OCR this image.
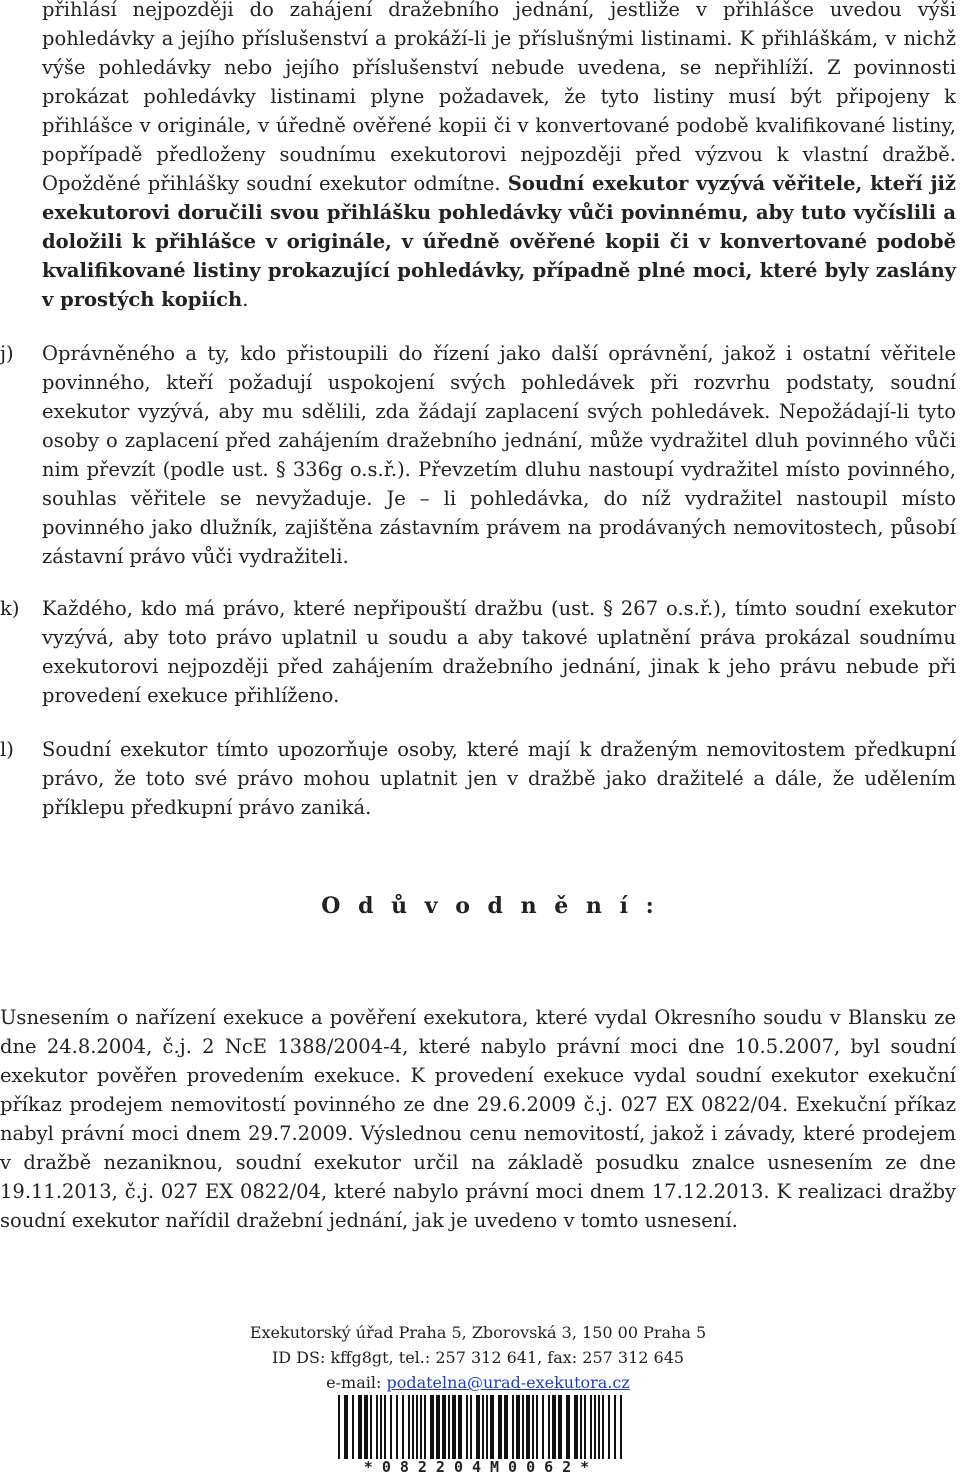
přihlásí nejpozději do zahájení dražebního jednání, jestliže v přihlášce uvedou výši pohledávky a jejího příslušenství a prokáží-li je příslušnými listinami. K přihláškám, v nichž výše pohledávky nebo jejího příslušenství nebude uvedena, se nepřihlíží. Z povinnosti prokázat pohledávky listinami plyne požadavek, že tyto listiny musí být připojeny k přihlášce v originále, v úředně ověřené kopii či v konvertované podobě kvalifikované listiny, popřípadě předloženy soudnímu exekutorovi nejpozději před výzvou k vlastní dražbě. Opožděné přihlášky soudní exekutor odmítne. Soudní exekutor vyzývá věřitele, kteří již exekutorovi doručili svou přihlášku pohledávky vůči povinnému, aby tuto vyčíslili a doložili k přihlášce v originále, v úředně ověřené kopii či v konvertované podobě kvalifikované listiny prokazující pohledávky, případně plné moci, které byly zaslány v prostých kopiích.

j) Oprávněného a ty, kdo přistoupili do řízení jako další oprávnění, jakož i ostatní věřitele povinného, kteří požadují uspokojení svých pohledávek při rozvrhu podstaty, soudní exekutor vyzývá, aby mu sdělili, zda žádají zaplacení svých pohledávek. Nepožádají-li tyto osoby o zaplacení před zahájením dražebního jednání, může vydražitel dluh povinného vůči nim převzít (podle ust. § 336g o.s.ř.). Převzetím dluhu nastoupí vydražitel místo povinného, souhlas věřitele se nevyžaduje. Je – li pohledávka, do níž vydražitel nastoupil místo povinného jako dlužník, zajištěna zástavním právem na prodávaných nemovitostech, působí zástavní právo vůči vydražiteli.
k) Každého, kdo má právo, které nepřipouští dražbu (ust. § 267 o.s.ř.), tímto soudní exekutor vyzývá, aby toto právo uplatnil u soudu a aby takové uplatnění práva prokázal soudnímu exekutorovi nejpozději před zahájením dražebního jednání, jinak k jeho právu nebude při provedení exekuce přihlíženo.
l) Soudní exekutor tímto upozorňuje osoby, které mají k draženým nemovitostem předkupní právo, že toto své právo mohou uplatnit jen v dražbě jako dražitelé a dále, že udělením příklepu předkupní právo zaniká.
O d ů v o d n ě n í :

Usnesením o nařízení exekuce a pověření exekutora, které vydal Okresního soudu v Blansku ze dne 24.8.2004, č.j. 2 NcE 1388/2004-4, které nabylo právní moci dne 10.5.2007, byl soudní exekutor pověřen provedením exekuce. K provedení exekuce vydal soudní exekutor exekuční příkaz prodejem nemovitostí povinného ze dne 29.6.2009 č.j. 027 EX 0822/04. Exekuční příkaz nabyl právní moci dnem 29.7.2009. Výslednou cenu nemovitostí, jakož i závady, které prodejem v dražbě nezaniknou, soudní exekutor určil na základě posudku znalce usnesením ze dne 19.11.2013, č.j. 027 EX 0822/04, které nabylo právní moci dnem 17.12.2013. K realizaci dražby soudní exekutor nařídil dražební jednání, jak je uvedeno v tomto usnesení.

Exekutorský úřad Praha 5, Zborovská 3, 150 00 Praha 5
ID DS: kffg8gt, tel.: 257 312 641, fax: 257 312 645
e-mail: podatelna@urad-exekutora.cz
*082204M0062*
